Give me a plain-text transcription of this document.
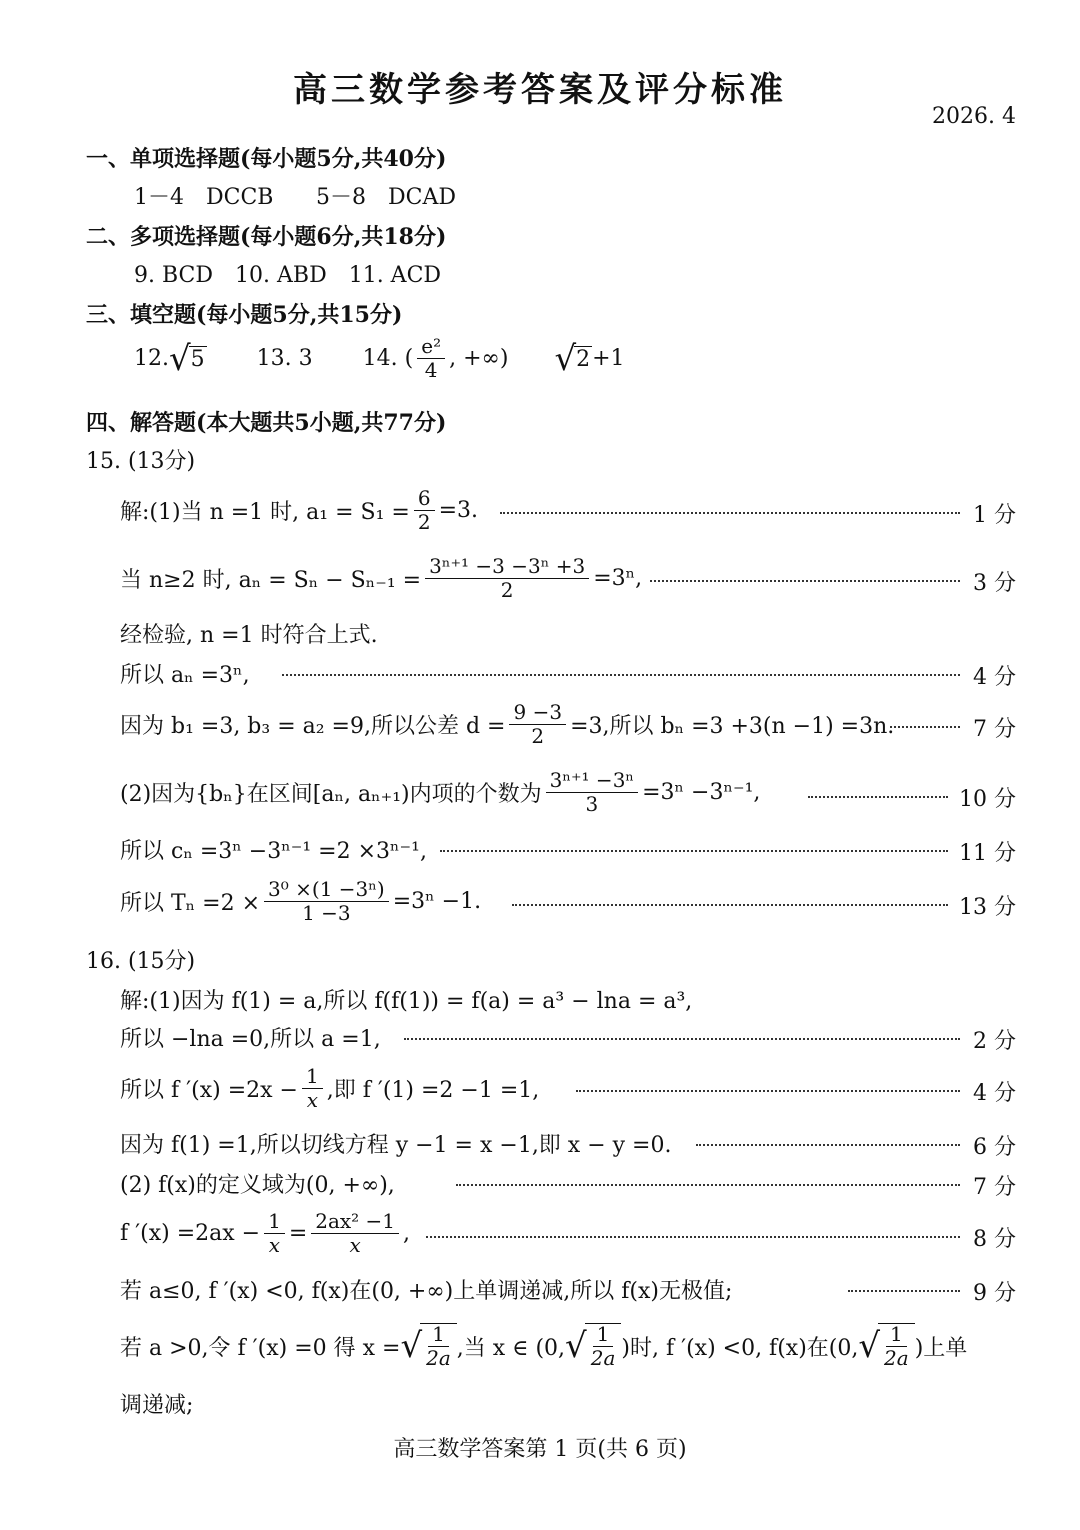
高三数学参考答案及评分标准
2026. 4
一、单项选择题(每小题5分,共40分)
1－4　DCCB 5－8　DCAD
二、多项选择题(每小题6分,共18分)
9. BCD　10. ABD　11. ACD
三、填空题(每小题5分,共15分)
12. √ 5 13. 3 14. ( $\frac{\text{e²}}{4}$ , +∞) √ 2 +1
四、解答题(本大题共5小题,共77分)
15. (13分)
解:(1)当 n =1 时, $a_1 = S_1 = \frac{6}{2} =3$.	1 分
当 n≥2 时, $a_n = S_n - S_{n-1} = \frac{\text{3ⁿ⁺¹ −3 −3ⁿ +3}}{2} =3^n$,	3 分
经检验, n =1 时符合上式.
所以 aₙ =3ⁿ,	4 分
因为 b₁ =3, b₃ = a₂ =9,所以公差 $d = \frac{9 -3}{2} =3$,所以 bₙ =3 +3(n −1) =3n.	7 分
(2)因为{bₙ}在区间[aₙ, aₙ₊₁)内项的个数为 $\frac{\text{3ⁿ⁺¹ −3ⁿ}}{3} =3^n -3^{n-1}$,	10 分
所以 cₙ =3ⁿ −3ⁿ⁻¹ =2 ×3ⁿ⁻¹,	11 分
所以 $T_n =2 \times \frac{\text{3⁰ ×(1 −3ⁿ)}}{1 -3} =3^n -1$.	13 分
16. (15分)
解:(1)因为 f(1) = a,所以 f(f(1)) = f(a) = a³ − lna = a³,
所以 −lna =0,所以 a =1,	2 分
所以 f $'(x) =2x - \frac{1}{x}$ ,即 f ′(1) =2 −1 =1,	4 分
因为 f(1) =1,所以切线方程 y −1 = x −1,即 x − y =0.	6 分
(2) f(x)的定义域为(0, +∞),	7 分
f $'(x) =2ax - \frac{1}{x} = \frac{\text{2ax² −1}}{x}$ ,	8 分
若 a≤0, f ′(x) <0, f(x)在(0, +∞)上单调递减,所以 f(x)无极值;	9 分
若 a >0,令 f ′(x) =0 得 x = √ $\frac{1}{2a}$ ,当 x ∈ (0, √ $\frac{1}{2a}$ )时, f ′(x) <0, f(x)在(0, √ $\frac{1}{2a}$ )上单
调递减;
高三数学答案第 1 页(共 6 页)
